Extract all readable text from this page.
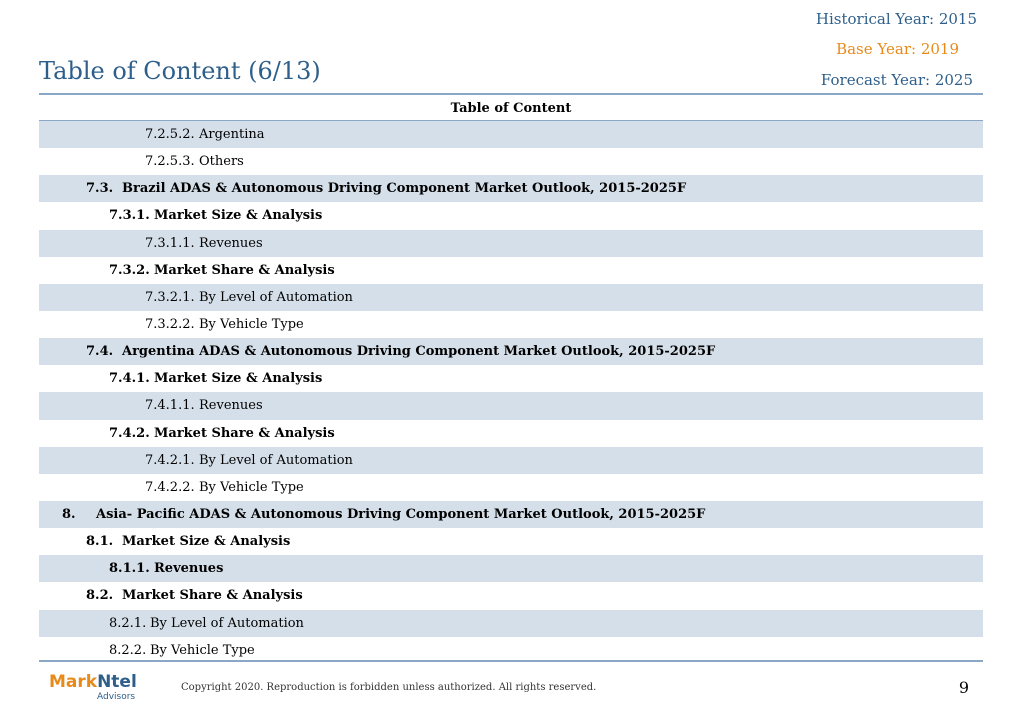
Historical Year: 2015
Base Year: 2019
Forecast Year: 2025
Table of Content (6/13)
Table of Content
7.2.5.2. Argentina
7.2.5.3. Others
7.3. Brazil ADAS & Autonomous Driving Component Market Outlook, 2015-2025F
7.3.1. Market Size & Analysis
7.3.1.1. Revenues
7.3.2. Market Share & Analysis
7.3.2.1. By Level of Automation
7.3.2.2. By Vehicle Type
7.4. Argentina ADAS & Autonomous Driving Component Market Outlook, 2015-2025F
7.4.1. Market Size & Analysis
7.4.1.1. Revenues
7.4.2. Market Share & Analysis
7.4.2.1. By Level of Automation
7.4.2.2. By Vehicle Type
8. Asia- Pacific ADAS & Autonomous Driving Component Market Outlook, 2015-2025F
8.1. Market Size & Analysis
8.1.1. Revenues
8.2. Market Share & Analysis
8.2.1. By Level of Automation
8.2.2. By Vehicle Type
MarkNtel
Advisors
Copyright 2020. Reproduction is forbidden unless authorized. All rights reserved.	9
